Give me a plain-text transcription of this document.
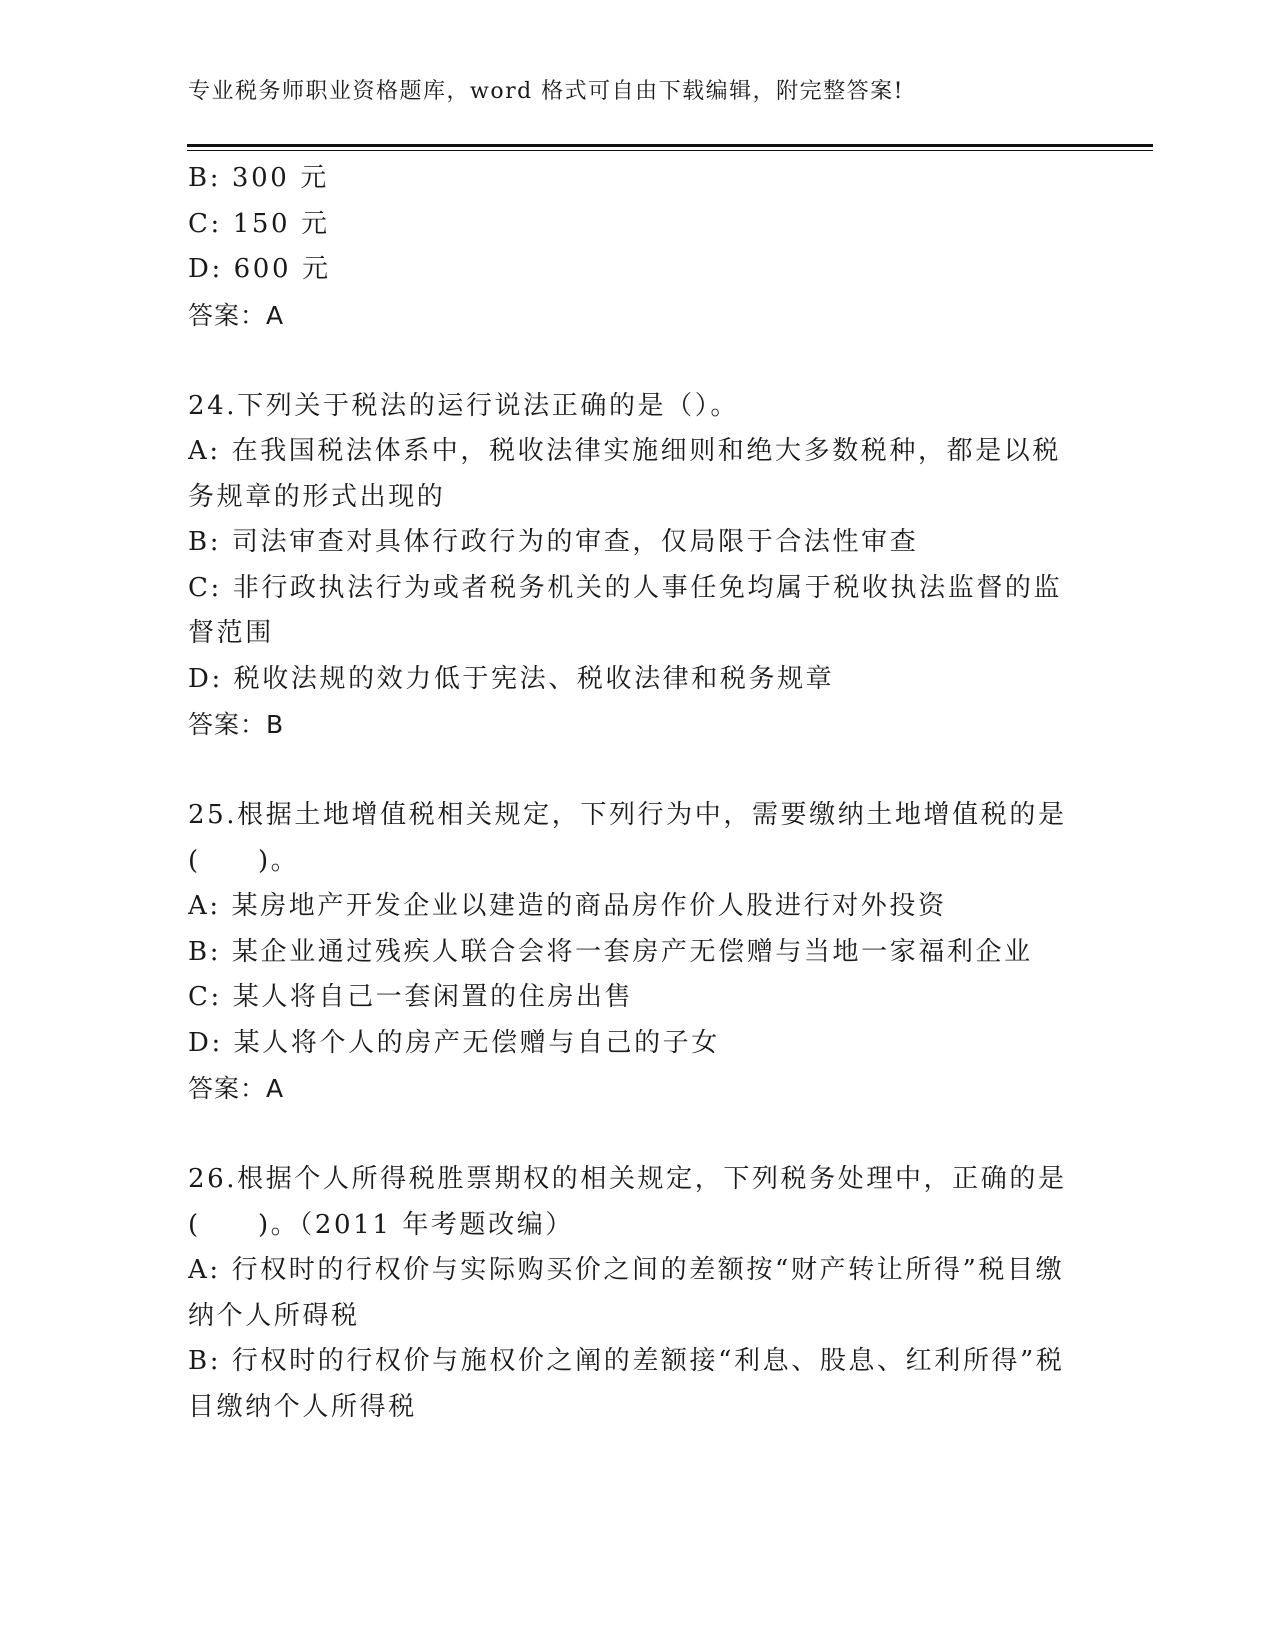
专业税务师职业资格题库，word 格式可自由下载编辑，附完整答案!
B: 300 元
C: 150 元
D: 600 元
答案：A
24.下列关于税法的运行说法正确的是（）。
A: 在我国税法体系中，税收法律实施细则和绝大多数税种，都是以税务规章的形式出现的
B: 司法审查对具体行政行为的审查，仅局限于合法性审查
C: 非行政执法行为或者税务机关的人事任免均属于税收执法监督的监督范围
D: 税收法规的效力低于宪法、税收法律和税务规章
答案：B
25.根据土地增值税相关规定，下列行为中，需要缴纳土地增值税的是(　　)。
A: 某房地产开发企业以建造的商品房作价人股进行对外投资
B: 某企业通过残疾人联合会将一套房产无偿赠与当地一家福利企业
C: 某人将自己一套闲置的住房出售
D: 某人将个人的房产无偿赠与自己的子女
答案：A
26.根据个人所得税胜票期权的相关规定，下列税务处理中，正确的是(　　)。（2011 年考题改编）
A: 行权时的行权价与实际购买价之间的差额按“财产转让所得”税目缴纳个人所碍税
B: 行权时的行权价与施权价之阐的差额接“利息、股息、红利所得”税目缴纳个人所得税
